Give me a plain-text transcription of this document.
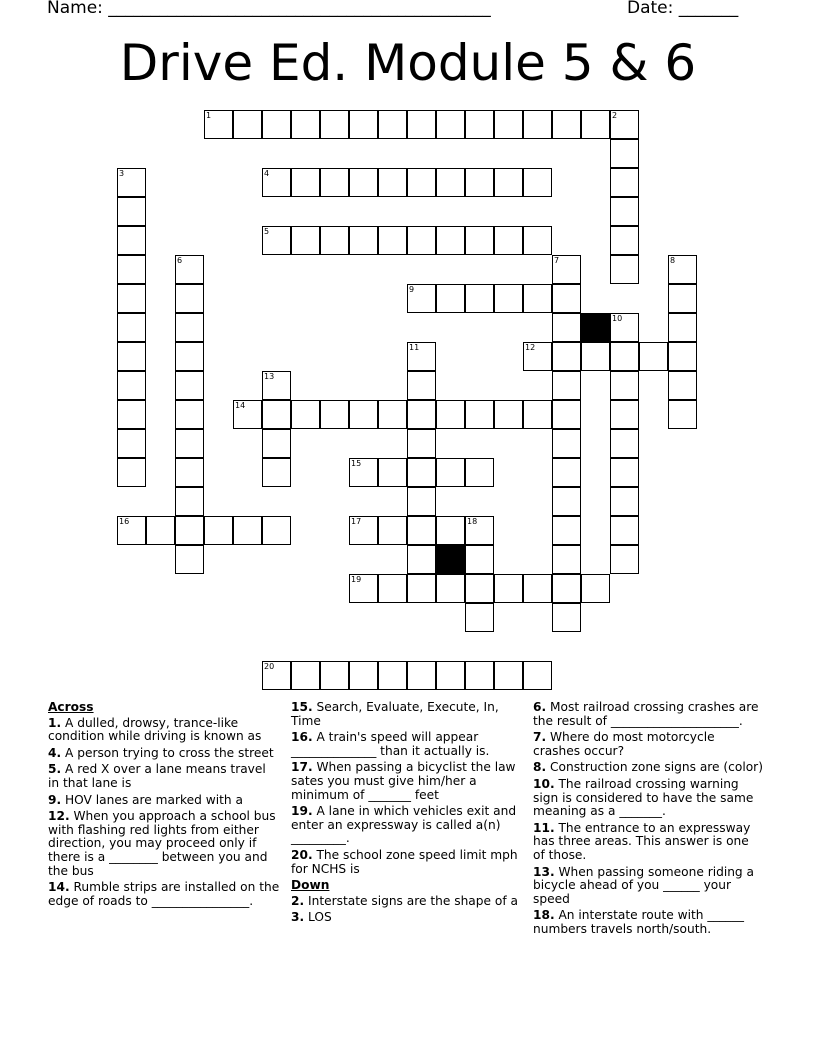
Name: _____________________________________________	Date: _______
Drive Ed. Module 5 & 6
1	2
3	4
5
6	7	8
9
10
11	12
13
14
15
16	17	18
19
20
Across
1. A dulled, drowsy, trance-like condition while driving is known as
4. A person trying to cross the street
5. A red X over a lane means travel in that lane is
9. HOV lanes are marked with a
12. When you approach a school bus with flashing red lights from either direction, you may proceed only if there is a ________ between you and the bus
14. Rumble strips are installed on the edge of roads to ________________.
15. Search, Evaluate, Execute, In, Time
16. A train's speed will appear ______________ than it actually is.
17. When passing a bicyclist the law sates you must give him/her a minimum of _______ feet
19. A lane in which vehicles exit and enter an expressway is called a(n) _________.
20. The school zone speed limit mph for NCHS is
Down
2. Interstate signs are the shape of a
3. LOS
6. Most railroad crossing crashes are the result of _____________________.
7. Where do most motorcycle crashes occur?
8. Construction zone signs are (color)
10. The railroad crossing warning sign is considered to have the same meaning as a _______.
11. The entrance to an expressway has three areas. This answer is one of those.
13. When passing someone riding a bicycle ahead of you ______ your speed
18. An interstate route with ______ numbers travels north/south.
